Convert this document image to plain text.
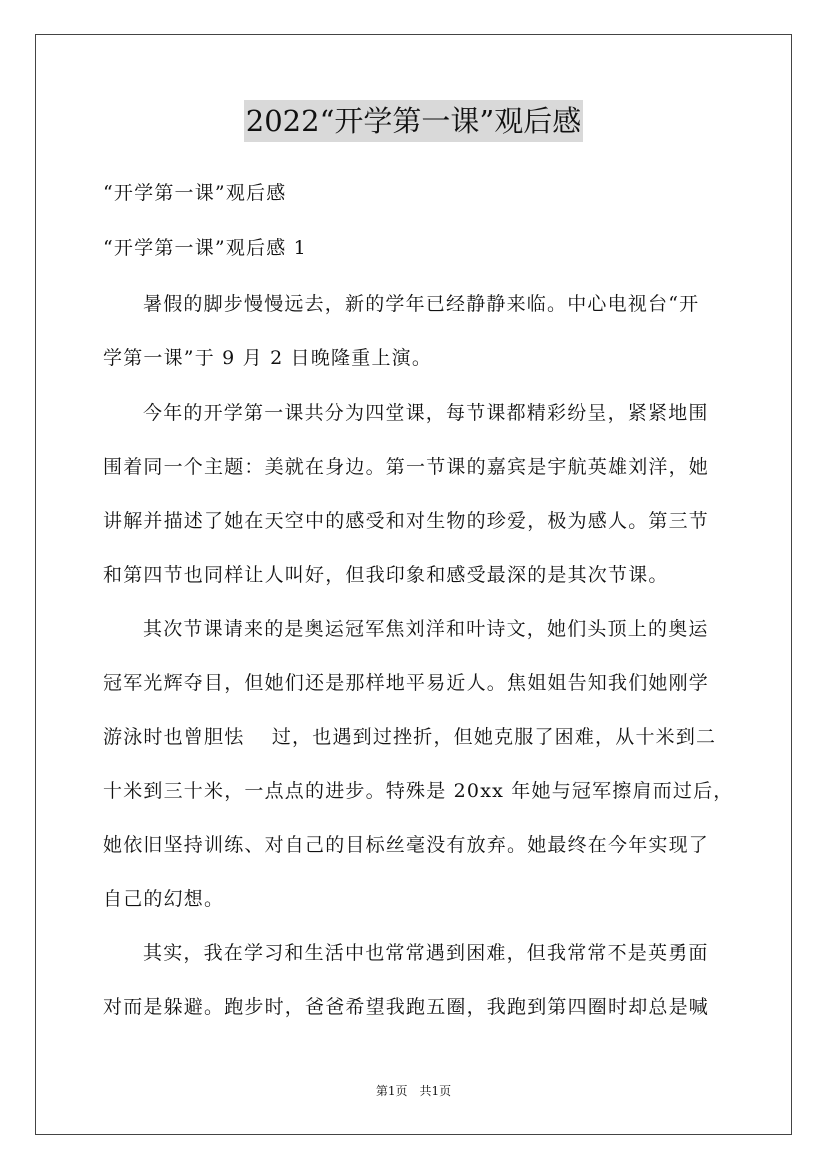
2022“开学第一课”观后感
“开学第一课”观后感
“开学第一课”观后感 1
暑假的脚步慢慢远去，新的学年已经静静来临。中心电视台“开
学第一课”于 9 月 2 日晚隆重上演。
今年的开学第一课共分为四堂课，每节课都精彩纷呈，紧紧地围
围着同一个主题：美就在身边。第一节课的嘉宾是宇航英雄刘洋，她
讲解并描述了她在天空中的感受和对生物的珍爱，极为感人。第三节
和第四节也同样让人叫好，但我印象和感受最深的是其次节课。
其次节课请来的是奥运冠军焦刘洋和叶诗文，她们头顶上的奥运
冠军光辉夺目，但她们还是那样地平易近人。焦姐姐告知我们她刚学
游泳时也曾胆怯　 过，也遇到过挫折，但她克服了困难，从十米到二
十米到三十米，一点点的进步。特殊是 20xx 年她与冠军擦肩而过后，
她依旧坚持训练、对自己的目标丝毫没有放弃。她最终在今年实现了
自己的幻想。
其实，我在学习和生活中也常常遇到困难，但我常常不是英勇面
对而是躲避。跑步时，爸爸希望我跑五圈，我跑到第四圈时却总是喊
第1页　共1页
